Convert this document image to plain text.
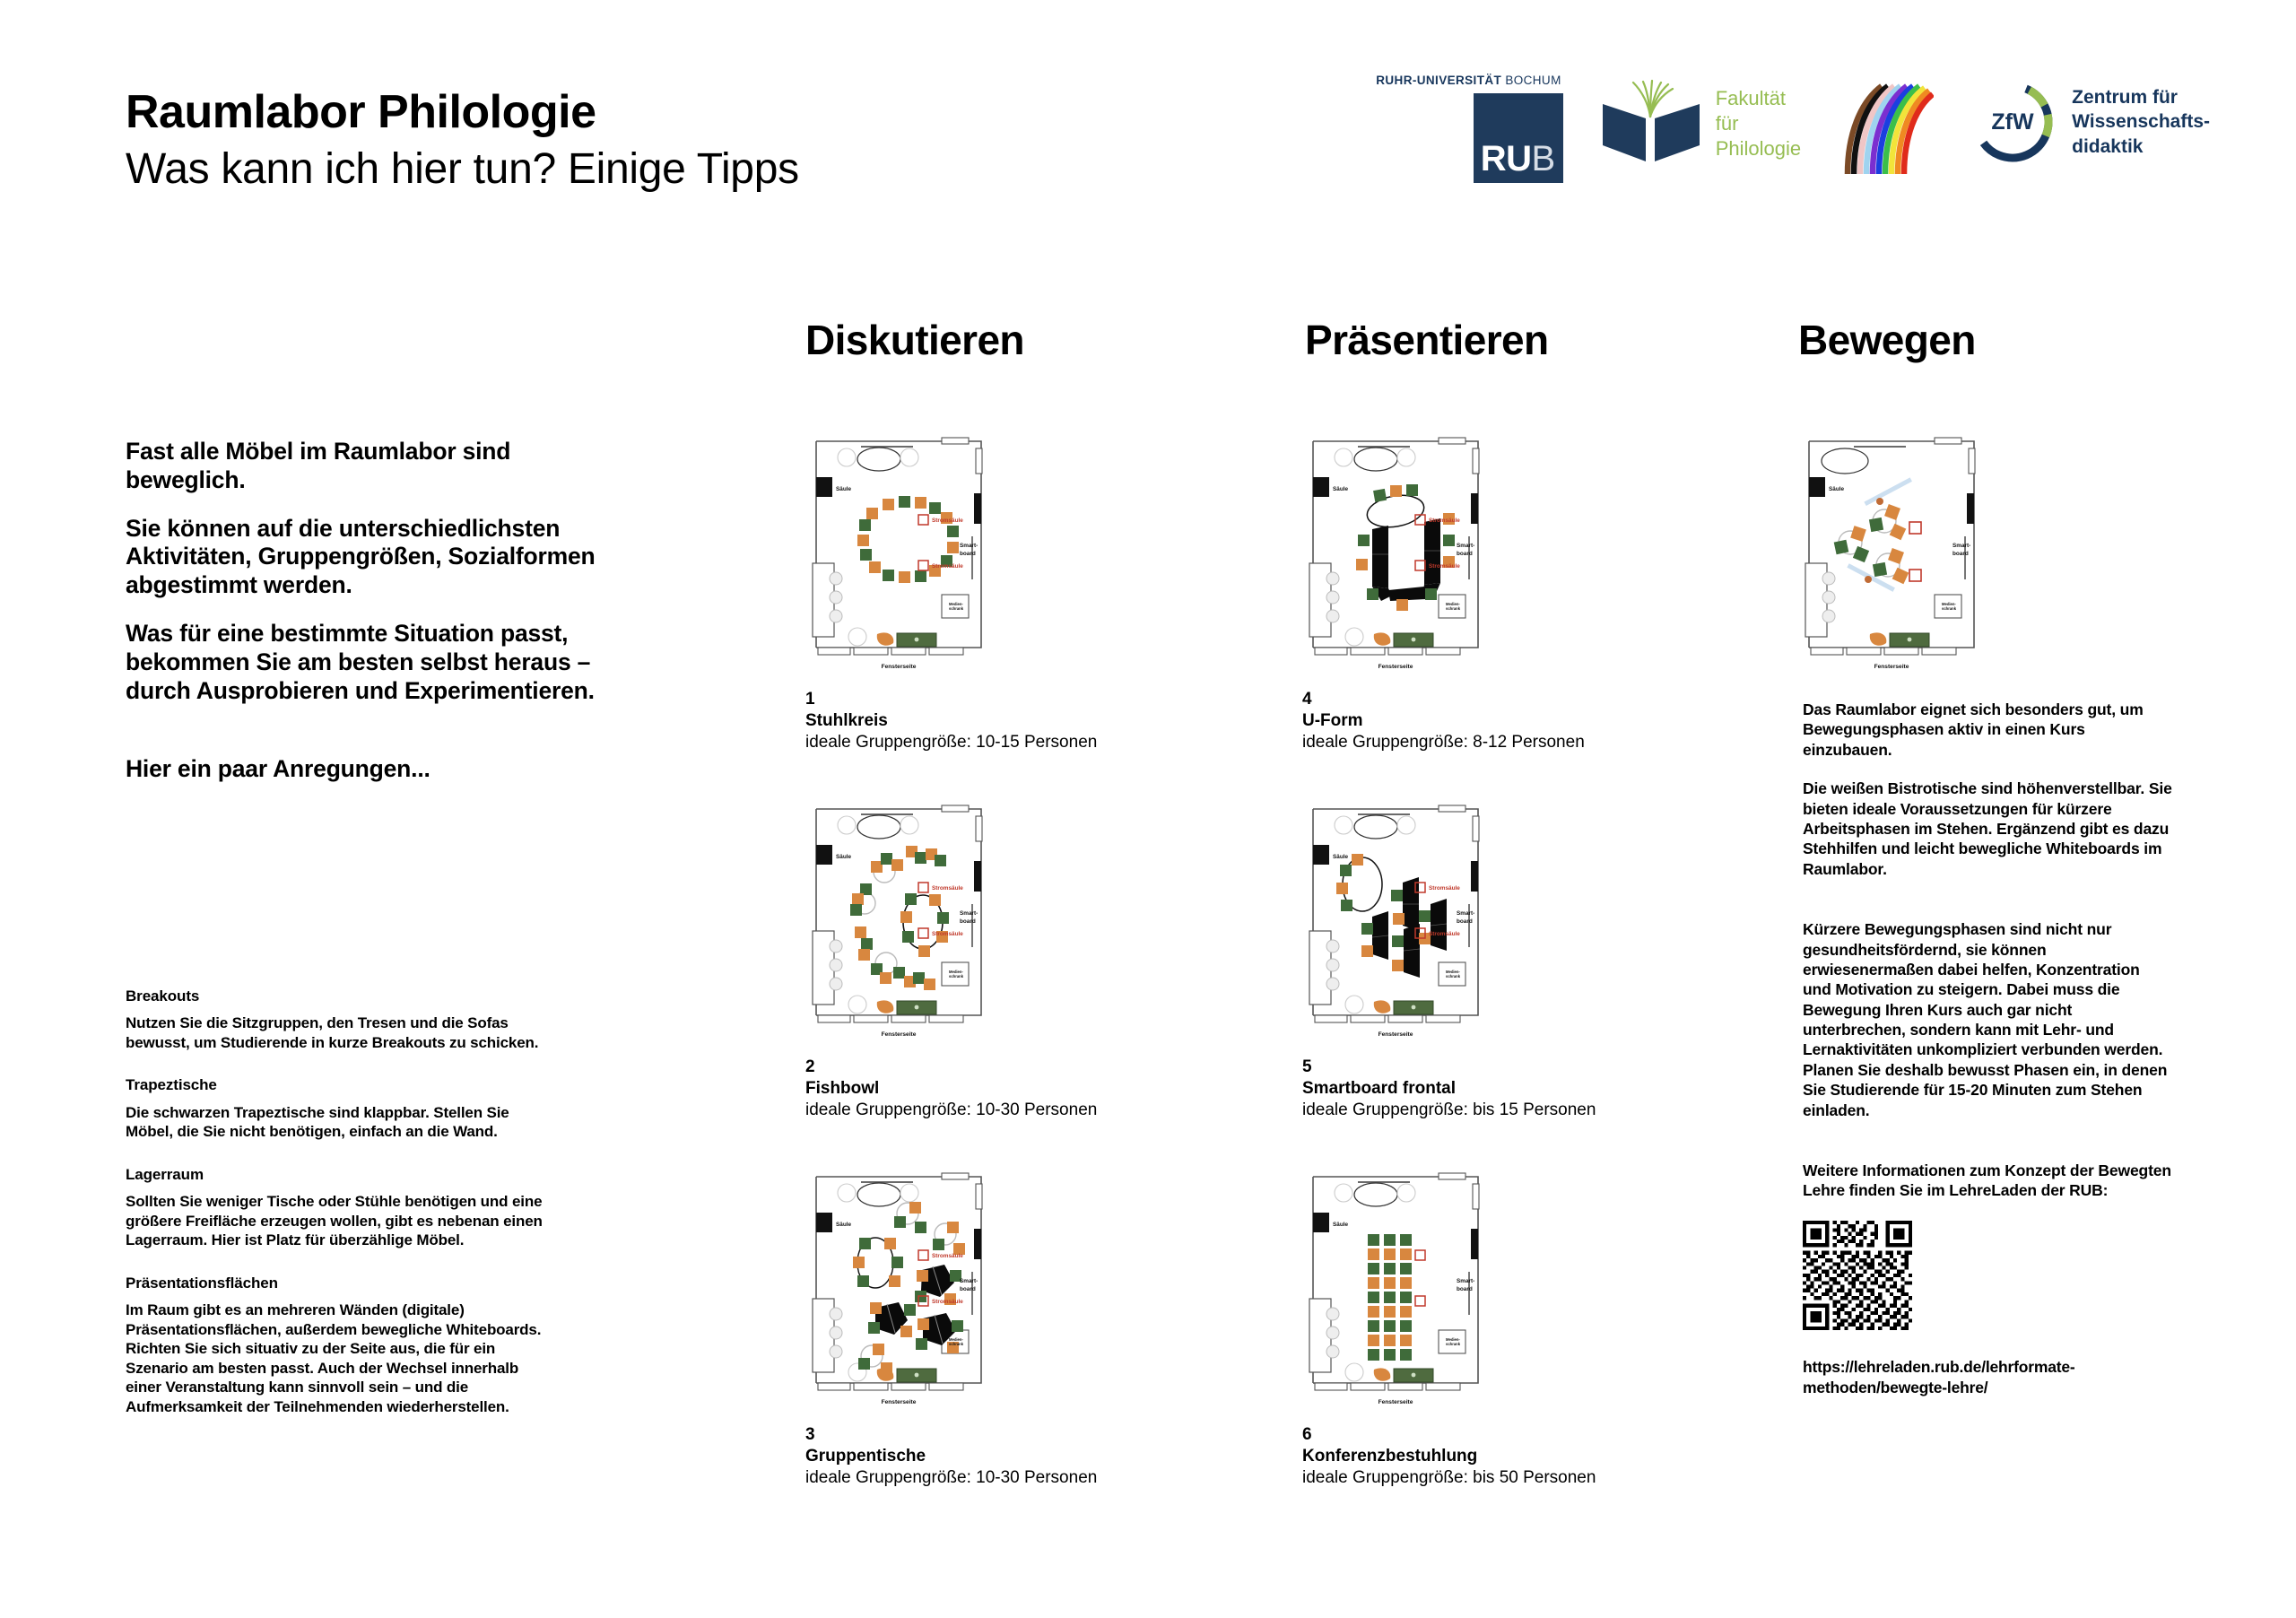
Raumlabor Philologie
Was kann ich hier tun? Einige Tipps
RUHR-UNIVERSITÄT BOCHUM
RUB
Fakultät
für
Philologie
ZfW
Zentrum für
Wissenschafts-
didaktik
Fast alle Möbel im Raumlabor sind beweglich.
Sie können auf die unterschiedlichsten Aktivitäten, Gruppengrößen, Sozialformen abgestimmt werden.
Was für eine bestimmte Situation passt, bekommen Sie am besten selbst heraus – durch Ausprobieren und Experimentieren.
Hier ein paar Anregungen...
Breakouts
Nutzen Sie die Sitzgruppen, den Tresen und die Sofas bewusst, um Studierende in kurze Breakouts zu schicken.
Trapeztische
Die schwarzen Trapeztische sind klappbar. Stellen Sie Möbel, die Sie nicht benötigen, einfach an die Wand.
Lagerraum
Sollten Sie weniger Tische oder Stühle benötigen und eine größere Freifläche erzeugen wollen, gibt es nebenan einen Lagerraum. Hier ist Platz für überzählige Möbel.
Präsentationsflächen
Im Raum gibt es an mehreren Wänden (digitale) Präsentationsflächen, außerdem bewegliche Whiteboards. Richten Sie sich situativ zu der Seite aus, die für ein Szenario am besten passt. Auch der Wechsel innerhalb einer Veranstaltung kann sinnvoll sein – und die Aufmerksamkeit der Teilnehmenden wiederherstellen.
Diskutieren	Präsentieren	Bewegen
1
Stuhlkreis
ideale Gruppengröße: 10-15 Personen
2
Fishbowl
ideale Gruppengröße: 10-30 Personen
3
Gruppentische
ideale Gruppengröße: 10-30 Personen
4
U-Form
ideale Gruppengröße: 8-12 Personen
5
Smartboard frontal
ideale Gruppengröße: bis 15 Personen
6
Konferenzbestuhlung
ideale Gruppengröße: bis 50 Personen
Das Raumlabor eignet sich besonders gut, um Bewegungsphasen aktiv in einen Kurs einzubauen.
Die weißen Bistrotische sind höhenverstellbar. Sie bieten ideale Voraussetzungen für kürzere Arbeitsphasen im Stehen. Ergänzend gibt es dazu Stehhilfen und leicht bewegliche Whiteboards im Raumlabor.
Kürzere Bewegungsphasen sind nicht nur gesundheitsfördernd, sie können erwiesenermaßen dabei helfen, Konzentration und Motivation zu steigern. Dabei muss die Bewegung Ihren Kurs auch gar nicht unterbrechen, sondern kann mit Lehr- und Lernaktivitäten unkompliziert verbunden werden. Planen Sie deshalb bewusst Phasen ein, in denen Sie Studierende für 15-20 Minuten zum Stehen einladen.
Weitere Informationen zum Konzept der Bewegten Lehre finden Sie im LehreLaden der RUB:
https://lehreladen.rub.de/lehrformate-methoden/bewegte-lehre/
